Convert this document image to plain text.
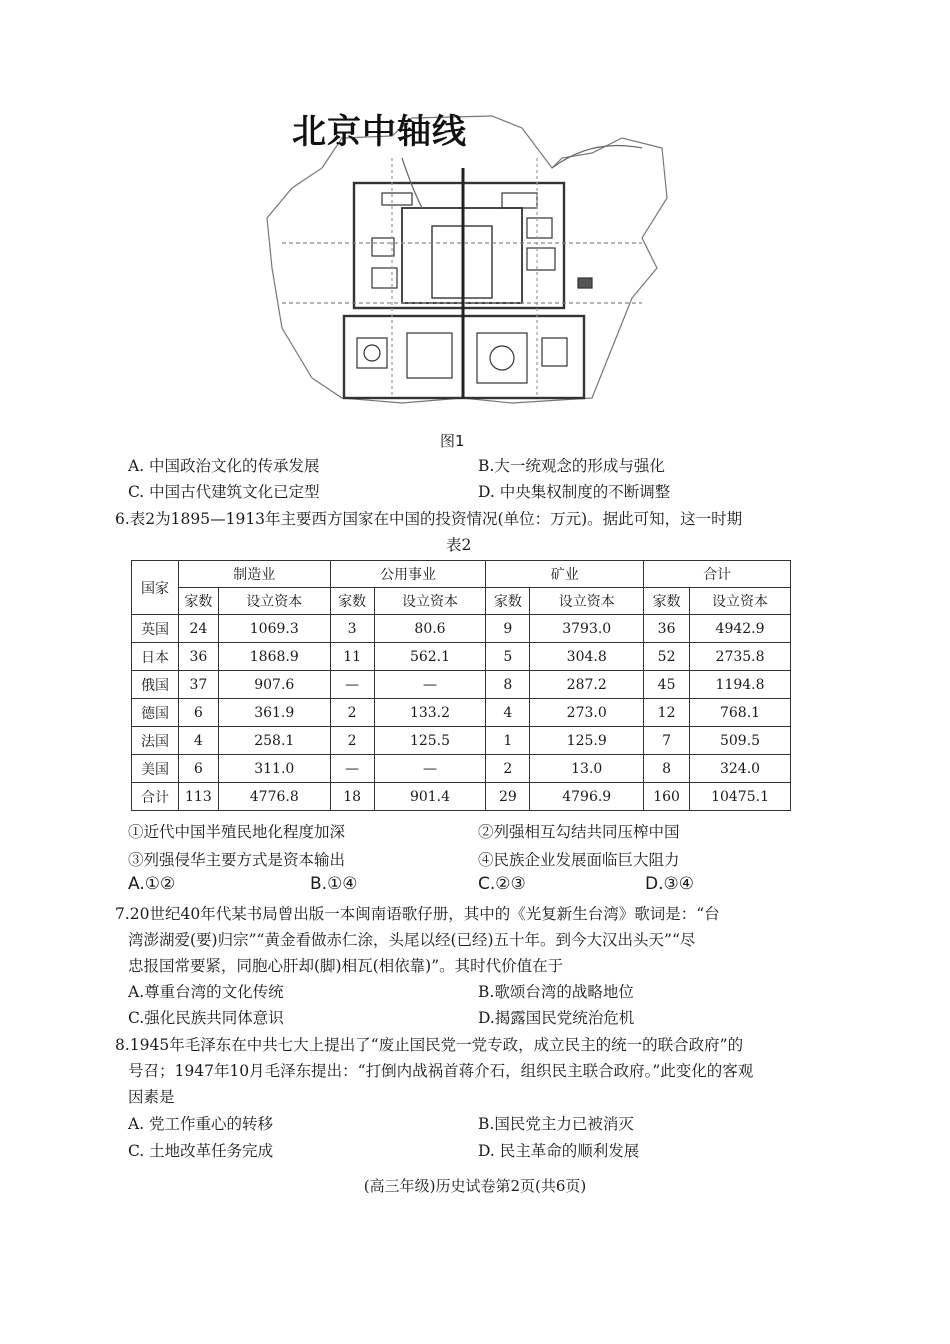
北京中轴线
图1
A. 中国政治文化的传承发展	B.大一统观念的形成与强化
C. 中国古代建筑文化已定型	D. 中央集权制度的不断调整
6.表2为1895—1913年主要西方国家在中国的投资情况(单位：万元)。据此可知，这一时期
表2
国家	制造业		公用事业		矿业		合计	
	家数	设立资本	家数	设立资本	家数	设立资本	家数	设立资本
英国	24	1069.3	3	80.6	9	3793.0	36	4942.9
日本	36	1868.9	11	562.1	5	304.8	52	2735.8
俄国	37	907.6	—	—	8	287.2	45	1194.8
德国	6	361.9	2	133.2	4	273.0	12	768.1
法国	4	258.1	2	125.5	1	125.9	7	509.5
美国	6	311.0	—	—	2	13.0	8	324.0
合计	113	4776.8	18	901.4	29	4796.9	160	10475.1
①近代中国半殖民地化程度加深	②列强相互勾结共同压榨中国
③列强侵华主要方式是资本输出	④民族企业发展面临巨大阻力
A.①②	B.①④	C.②③	D.③④
7.20世纪40年代某书局曾出版一本闽南语歌仔册，其中的《光复新生台湾》歌词是：“台
湾澎湖爱(要)归宗”“黄金看做赤仁涂，头尾以经(已经)五十年。到今大汉出头天”“尽
忠报国常要紧，同胞心肝却(脚)相瓦(相依靠)”。其时代价值在于
A.尊重台湾的文化传统	B.歌颂台湾的战略地位
C.强化民族共同体意识	D.揭露国民党统治危机
8.1945年毛泽东在中共七大上提出了“废止国民党一党专政，成立民主的统一的联合政府”的
号召；1947年10月毛泽东提出：“打倒内战祸首蒋介石，组织民主联合政府。”此变化的客观
因素是
A. 党工作重心的转移	B.国民党主力已被消灭
C. 土地改革任务完成	D. 民主革命的顺利发展
(高三年级)历史试卷第2页(共6页)
